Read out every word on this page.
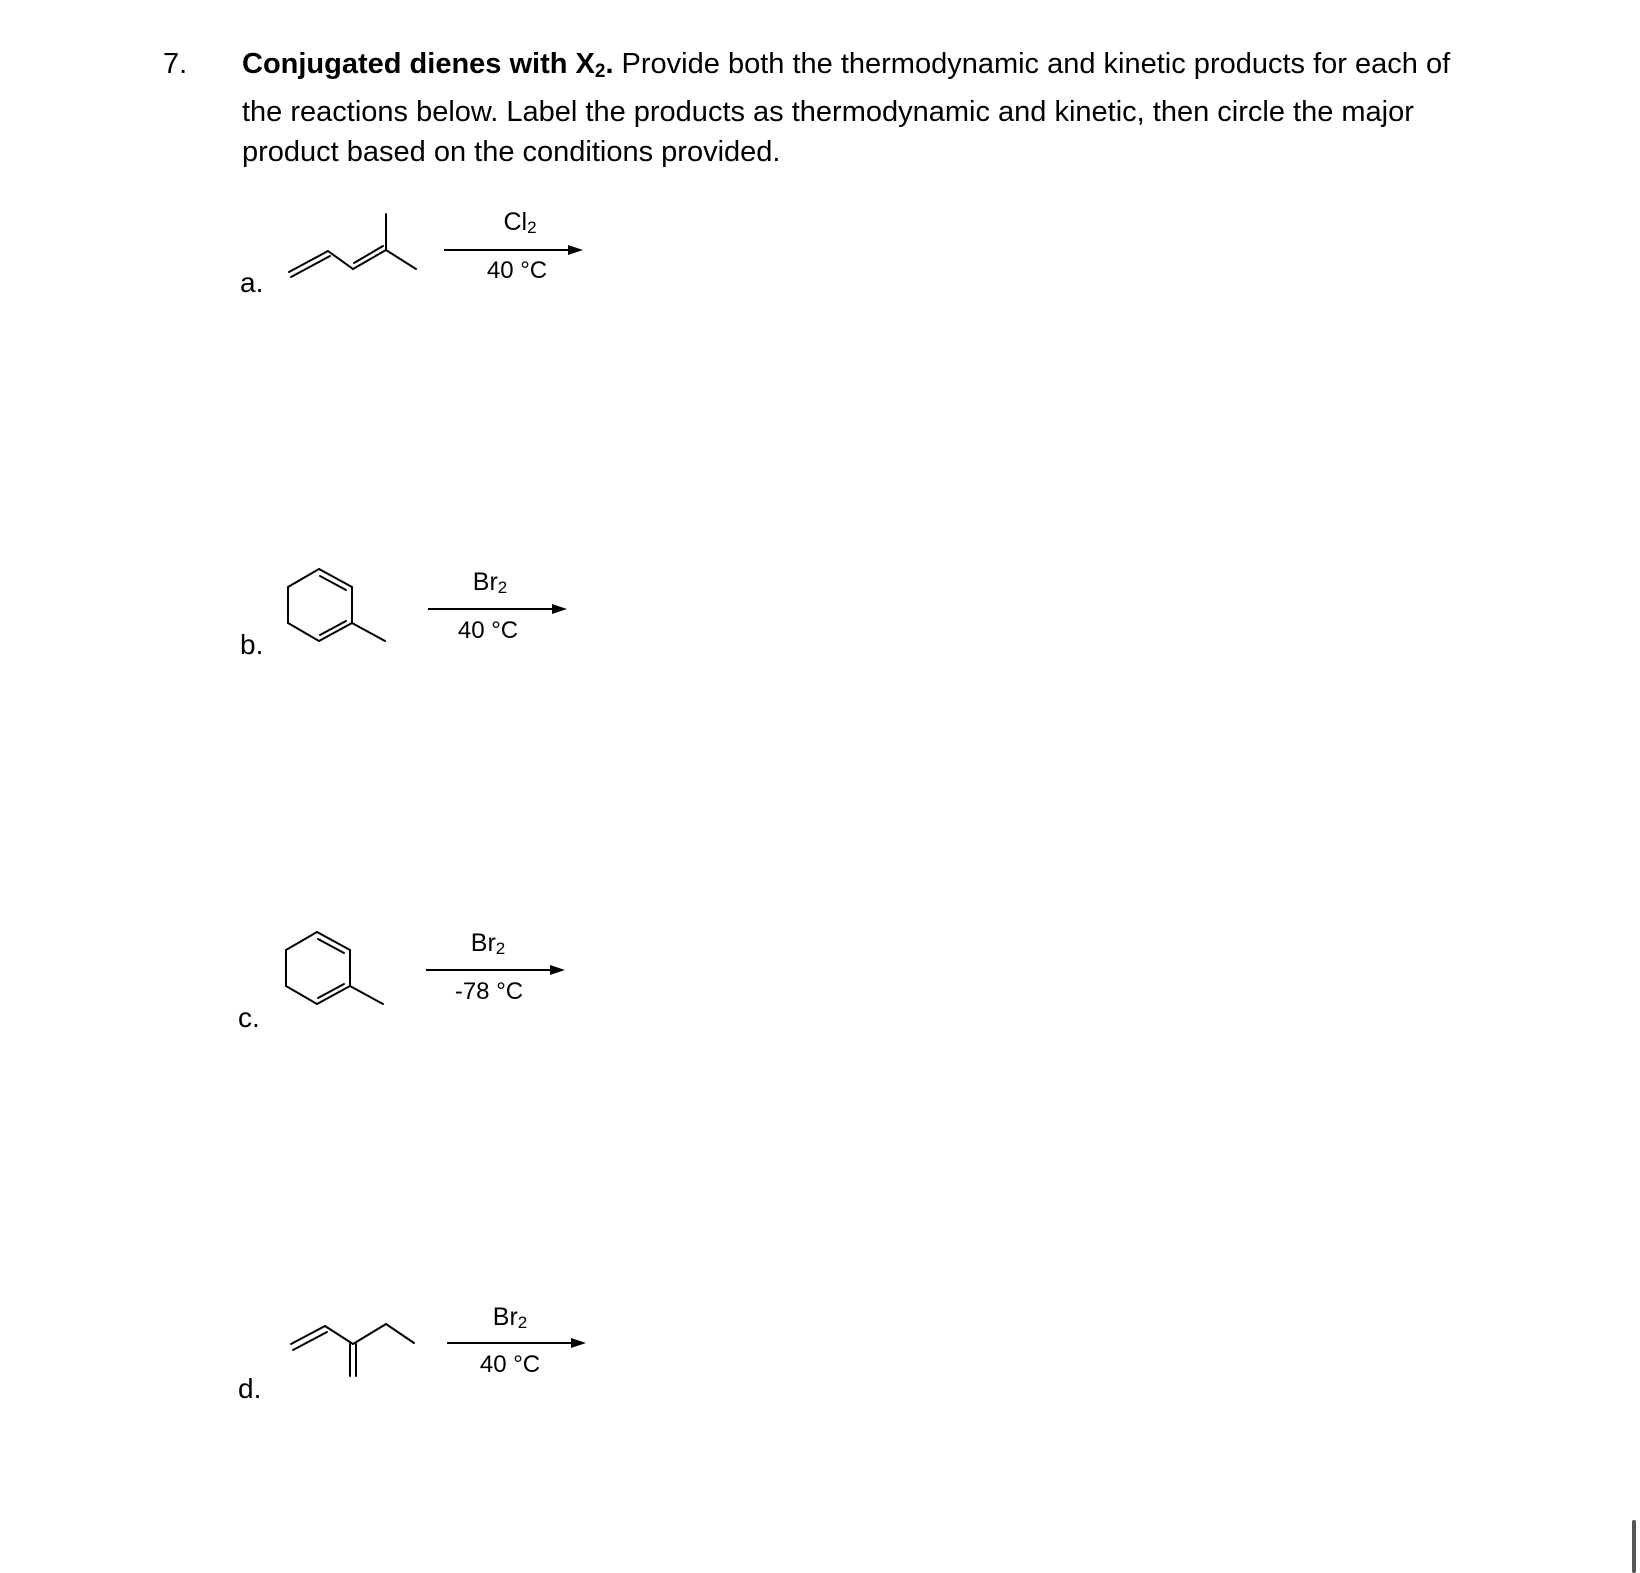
7. Conjugated dienes with $X_2$. Provide both the thermodynamic and kinetic products for each of the reactions below. Label the products as thermodynamic and kinetic, then circle the major product based on the conditions provided.
a.
$Cl_2$
40 °C
b.
$Br_2$
40 °C
c.
$Br_2$
-78 °C
d.
$Br_2$
40 °C
